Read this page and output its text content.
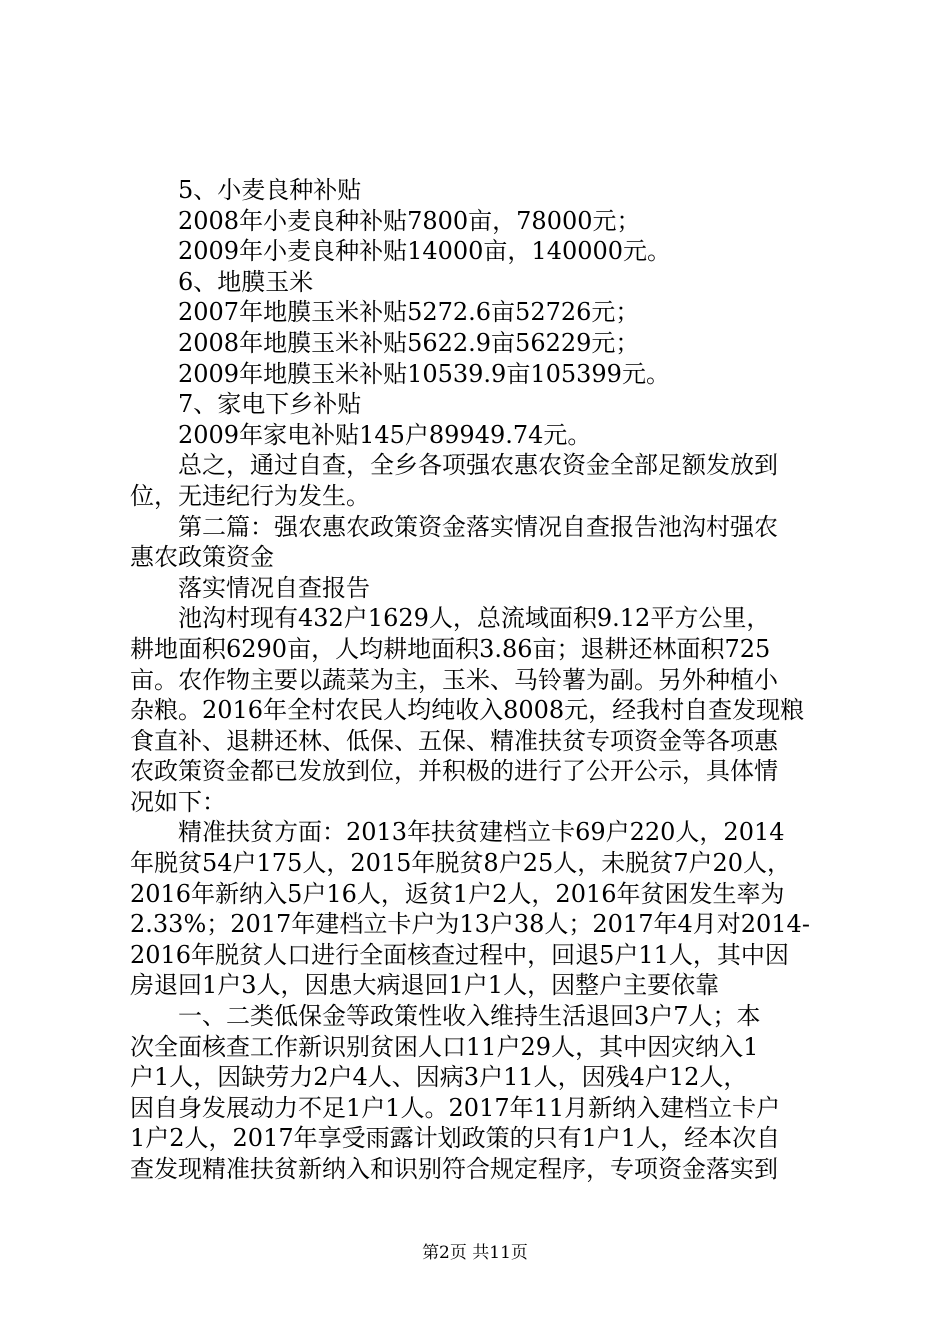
5、小麦良种补贴
2008年小麦良种补贴7800亩，78000元；
2009年小麦良种补贴14000亩，140000元。
6、地膜玉米
2007年地膜玉米补贴5272.6亩52726元；
2008年地膜玉米补贴5622.9亩56229元；
2009年地膜玉米补贴10539.9亩105399元。
7、家电下乡补贴
2009年家电补贴145户89949.74元。
总之，通过自查，全乡各项强农惠农资金全部足额发放到
位，无违纪行为发生。
第二篇：强农惠农政策资金落实情况自查报告池沟村强农
惠农政策资金
落实情况自查报告
池沟村现有432户1629人，总流域面积9.12平方公里，
耕地面积6290亩，人均耕地面积3.86亩；退耕还林面积725
亩。农作物主要以蔬菜为主，玉米、马铃薯为副。另外种植小
杂粮。2016年全村农民人均纯收入8008元，经我村自查发现粮
食直补、退耕还林、低保、五保、精准扶贫专项资金等各项惠
农政策资金都已发放到位，并积极的进行了公开公示，具体情
况如下：
精准扶贫方面：2013年扶贫建档立卡69户220人，2014
年脱贫54户175人，2015年脱贫8户25人，未脱贫7户20人，
2016年新纳入5户16人，返贫1户2人，2016年贫困发生率为
2.33%；2017年建档立卡户为13户38人；2017年4月对2014-
2016年脱贫人口进行全面核查过程中，回退5户11人，其中因
房退回1户3人，因患大病退回1户1人，因整户主要依靠
一、二类低保金等政策性收入维持生活退回3户7人；本
次全面核查工作新识别贫困人口11户29人，其中因灾纳入1
户1人，因缺劳力2户4人、因病3户11人，因残4户12人，
因自身发展动力不足1户1人。2017年11月新纳入建档立卡户
1户2人，2017年享受雨露计划政策的只有1户1人，经本次自
查发现精准扶贫新纳入和识别符合规定程序，专项资金落实到
第2页 共11页
